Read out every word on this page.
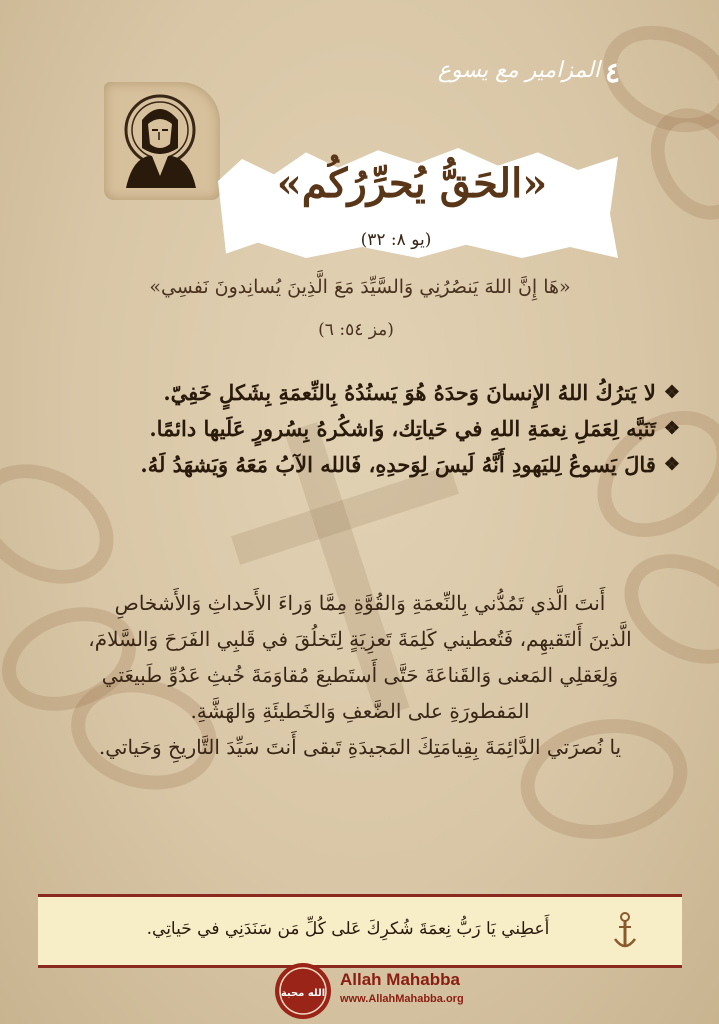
٤
المزامير مع يسوع
«الحَقُّ يُحرِّرُكُم»
(يو ٨: ٣٢)
«هَا إِنَّ اللهَ يَنصُرُنِي وَالسَّيِّدَ مَعَ الَّذِينَ يُسانِدونَ نَفسِي»
(مز ٥٤: ٦)
❖
لا يَترُكُ اللهُ الإِنسانَ وَحدَهُ هُوَ يَسنُدُهُ بِالنِّعمَةِ بِشَكلٍ خَفِيّ.
❖
تَنَبَّه لِعَمَلِ نِعمَةِ اللهِ في حَياتِك، وَاشكُرهُ بِسُرورٍ عَلَيها دائمًا.
❖
قالَ يَسوعُ لِليَهودِ أَنَّهُ لَيسَ لِوَحدِهِ، فَالله الآبُ مَعَهُ وَيَشهَدُ لَهُ.
أَنتَ الَّذي تَمُدُّني بِالنِّعمَةِ وَالقُوَّةِ مِمَّا وَراءَ الأَحداثِ وَالأَشخاصِ
الَّذينَ أَلتَقيهِم، فَتُعطيني كَلِمَةَ تَعزِيَةٍ لِتَخلُقَ في قَلبِي الفَرَحَ وَالسَّلامَ،
وَلِعَقلِي المَعنى وَالقَناعَةَ حَتَّى أَستَطيعَ مُقاوَمَةَ خُبثِ عَدُوِّ طَبيعَتي
المَفطورَةِ على الضَّعفِ وَالخَطيئَةِ وَالهَشَّةِ.
يا نُصرَتي الدَّائِمَةَ بِقِيامَتِكَ المَجيدَةِ تَبقى أَنتَ سَيِّدَ التَّاريخِ وَحَياتي.
أَعطِني يَا رَبُّ نِعمَةَ شُكرِكَ عَلى كُلِّ مَن سَنَدَنِي في حَياتِي.
الله محبة
Allah Mahabba
www.AllahMahabba.org
